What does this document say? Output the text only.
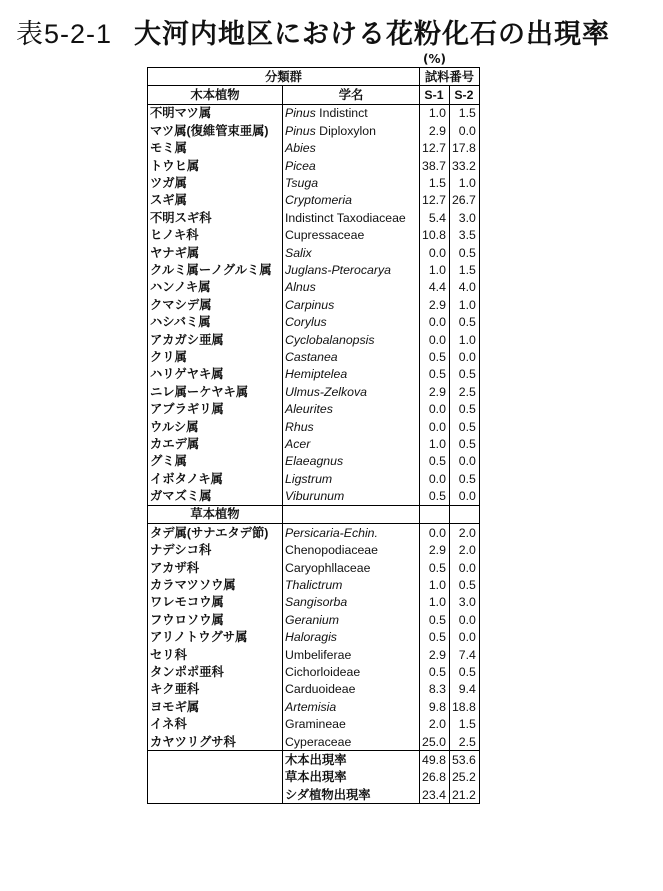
表5-2-1 大河内地区における花粉化石の出現率
(%)
分類群		試料番号	
木本植物	学名	S-1	S-2
不明マツ属	Pinus Indistinct	1.0	1.5
マツ属(復維管束亜属)	Pinus Diploxylon	2.9	0.0
モミ属	Abies	12.7	17.8
トウヒ属	Picea	38.7	33.2
ツガ属	Tsuga	1.5	1.0
スギ属	Cryptomeria	12.7	26.7
不明スギ科	Indistinct Taxodiaceae	5.4	3.0
ヒノキ科	Cupressaceae	10.8	3.5
ヤナギ属	Salix	0.0	0.5
クルミ属ーノグルミ属	Juglans-Pterocarya	1.0	1.5
ハンノキ属	Alnus	4.4	4.0
クマシデ属	Carpinus	2.9	1.0
ハシバミ属	Corylus	0.0	0.5
アカガシ亜属	Cyclobalanopsis	0.0	1.0
クリ属	Castanea	0.5	0.0
ハリゲヤキ属	Hemiptelea	0.5	0.5
ニレ属ーケヤキ属	Ulmus-Zelkova	2.9	2.5
アブラギリ属	Aleurites	0.0	0.5
ウルシ属	Rhus	0.0	0.5
カエデ属	Acer	1.0	0.5
グミ属	Elaeagnus	0.5	0.0
イボタノキ属	Ligstrum	0.0	0.5
ガマズミ属	Viburunum	0.5	0.0
草本植物			
タデ属(サナエタデ節)	Persicaria-Echin.	0.0	2.0
ナデシコ科	Chenopodiaceae	2.9	2.0
アカザ科	Caryophllaceae	0.5	0.0
カラマツソウ属	Thalictrum	1.0	0.5
ワレモコウ属	Sangisorba	1.0	3.0
フウロソウ属	Geranium	0.5	0.0
アリノトウグサ属	Haloragis	0.5	0.0
セリ科	Umbeliferae	2.9	7.4
タンポポ亜科	Cichorloideae	0.5	0.5
キク亜科	Carduoideae	8.3	9.4
ヨモギ属	Artemisia	9.8	18.8
イネ科	Gramineae	2.0	1.5
カヤツリグサ科	Cyperaceae	25.0	2.5
	木本出現率	49.8	53.6
	草本出現率	26.8	25.2
	シダ植物出現率	23.4	21.2
